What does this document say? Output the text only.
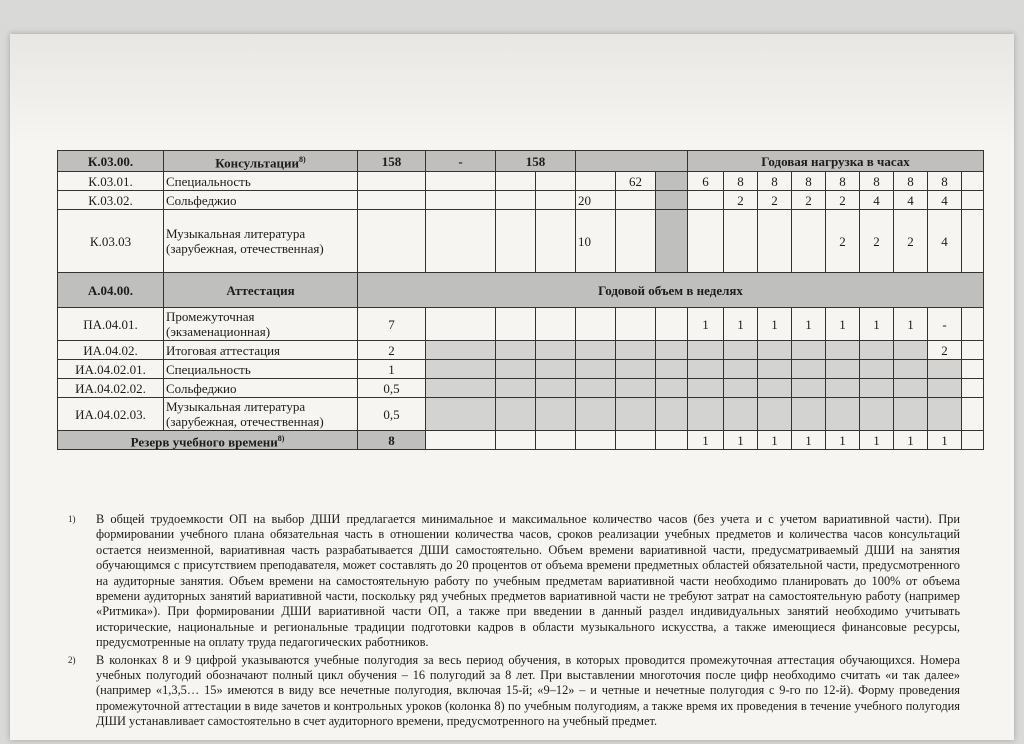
К.03.00.	Консультации$^{8)}$	158	-	158					Годовая нагрузка в часах								
К.03.01.	Специальность						62		6	8	8	8	8	8	8	8	
К.03.02.	Сольфеджио					20				2	2	2	2	4	4	4	
К.03.03	Музыкальная литература (зарубежная, отечественная)					10							2	2	2	4	
А.04.00.	Аттестация	Годовой объем в неделях															
ПА.04.01.	Промежуточная (экзаменационная)	7							1	1	1	1	1	1	1	-	
ИА.04.02.	Итоговая аттестация	2														2	
ИА.04.02.01.	Специальность	1															
ИА.04.02.02.	Сольфеджио	0,5															
ИА.04.02.03.	Музыкальная литература (зарубежная, отечественная)	0,5															
Резерв учебного времени$^{8)}$		8							1	1	1	1	1	1	1	1	
1) В общей трудоемкости ОП на выбор ДШИ предлагается минимальное и максимальное количество часов (без учета и с учетом вариативной части). При формировании учебного плана обязательная часть в отношении количества часов, сроков реализации учебных предметов и количества часов консультаций остается неизменной, вариативная часть разрабатывается ДШИ самостоятельно. Объем времени вариативной части, предусматриваемый ДШИ на занятия обучающимся с присутствием преподавателя, может составлять до 20 процентов от объема времени предметных областей обязательной части, предусмотренного на аудиторные занятия. Объем времени на самостоятельную работу по учебным предметам вариативной части необходимо планировать до 100% от объема времени аудиторных занятий вариативной части, поскольку ряд учебных предметов вариативной части не требуют затрат на самостоятельную работу (например «Ритмика»). При формировании ДШИ вариативной части ОП, а также при введении в данный раздел индивидуальных занятий необходимо учитывать исторические, национальные и региональные традиции подготовки кадров в области музыкального искусства, а также имеющиеся финансовые ресурсы, предусмотренные на оплату труда педагогических работников.
2) В колонках 8 и 9 цифрой указываются учебные полугодия за весь период обучения, в которых проводится промежуточная аттестация обучающихся. Номера учебных полугодий обозначают полный цикл обучения – 16 полугодий за 8 лет. При выставлении многоточия после цифр необходимо считать «и так далее» (например «1,3,5… 15» имеются в виду все нечетные полугодия, включая 15-й; «9–12» – и четные и нечетные полугодия с 9-го по 12-й). Форму проведения промежуточной аттестации в виде зачетов и контрольных уроков (колонка 8) по учебным полугодиям, а также время их проведения в течение учебного полугодия ДШИ устанавливает самостоятельно в счет аудиторного времени, предусмотренного на учебный предмет.
